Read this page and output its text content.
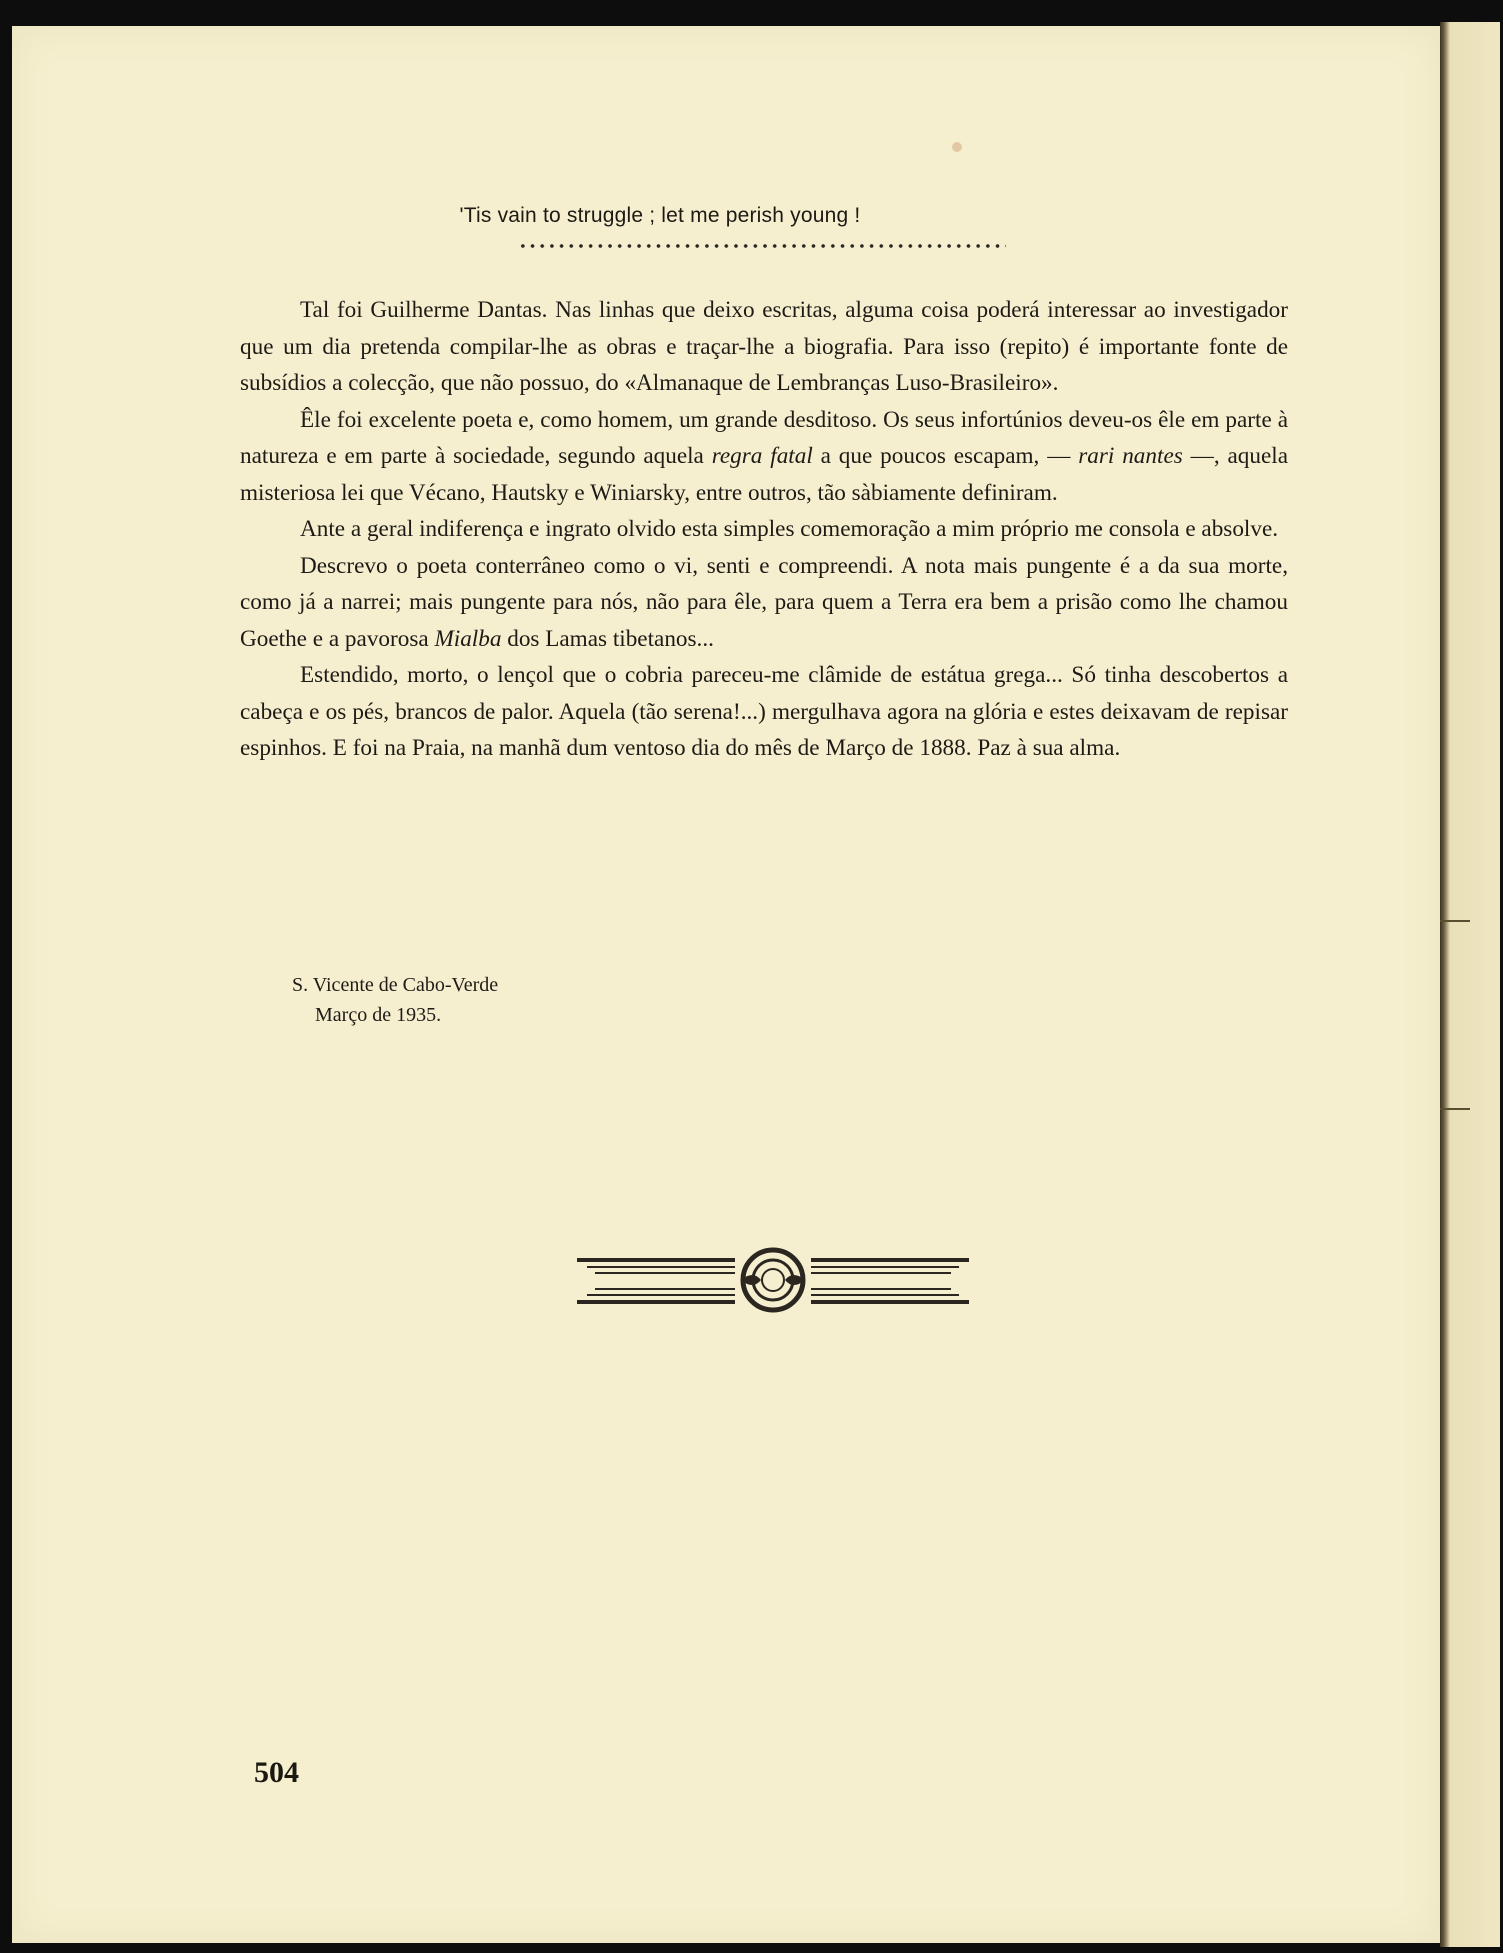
'Tis vain to struggle ; let me perish young !

Tal foi Guilherme Dantas. Nas linhas que deixo escritas, alguma coisa poderá interessar ao investigador que um dia pretenda compilar-lhe as obras e traçar-lhe a biografia. Para isso (repito) é importante fonte de subsídios a colecção, que não possuo, do «Almanaque de Lembranças Luso-Brasileiro».

Êle foi excelente poeta e, como homem, um grande desditoso. Os seus infortúnios deveu-os êle em parte à natureza e em parte à sociedade, segundo aquela regra fatal a que poucos escapam, — rari nantes —, aquela misteriosa lei que Vécano, Hautsky e Winiarsky, entre outros, tão sàbiamente definiram.

Ante a geral indiferença e ingrato olvido esta simples comemoração a mim próprio me consola e absolve.

Descrevo o poeta conterrâneo como o vi, senti e compreendi. A nota mais pungente é a da sua morte, como já a narrei; mais pungente para nós, não para êle, para quem a Terra era bem a prisão como lhe chamou Goethe e a pavorosa Mialba dos Lamas tibetanos...

Estendido, morto, o lençol que o cobria pareceu-me clâmide de estátua grega... Só tinha descobertos a cabeça e os pés, brancos de palor. Aquela (tão serena!...) mergulhava agora na glória e estes deixavam de repisar espinhos. E foi na Praia, na manhã dum ventoso dia do mês de Março de 1888. Paz à sua alma.

S. Vicente de Cabo-Verde
Março de 1935.
504
